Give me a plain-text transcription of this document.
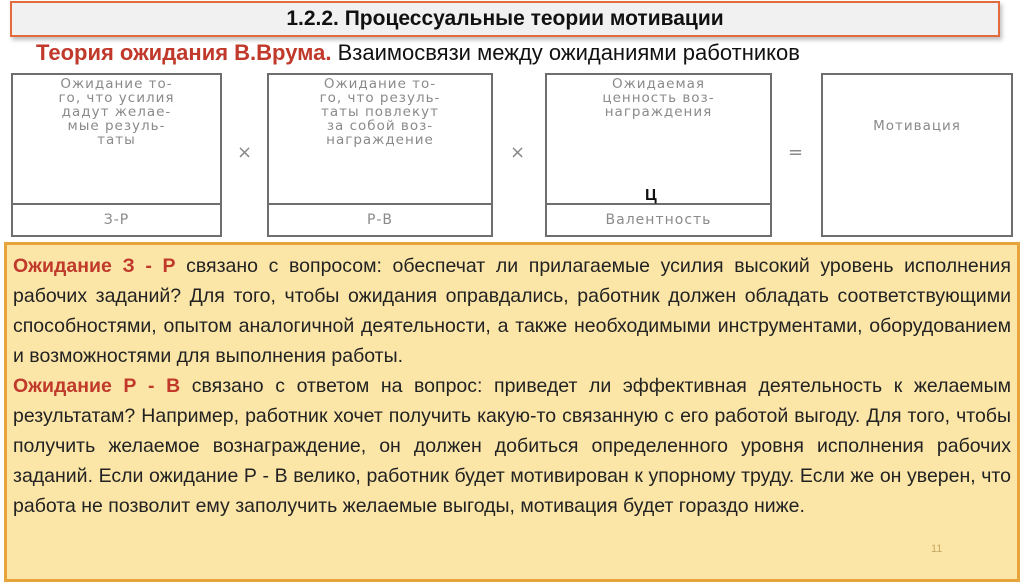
1.2.2. Процессуальные теории мотивации
Теория ожидания В.Врума. Взаимосвязи между ожиданиями работников
Ожидание то-
го, что усилия
дадут желае-
мые резуль-
таты
З-Р
×
Ожидание то-
го, что резуль-
таты повлекут
за собой воз-
награждение
Р-В
×
Ожидаемая
ценность воз-
награждения
Валентность
=

Мотивация
Ц

Ожидание З - Р связано с вопросом: обеспечат ли прилагаемые усилия высокий уровень исполнения рабочих заданий? Для того, чтобы ожидания оправдались, работник должен обладать соответствующими способностями, опытом аналогичной деятельности, а также необходимыми инструментами, оборудованием и возможностями для выполнения работы.

Ожидание Р - В связано с ответом на вопрос: приведет ли эффективная деятельность к желаемым результатам? Например, работник хочет получить какую-то связанную с его работой выгоду. Для того, чтобы получить желаемое вознаграждение, он должен добиться определенного уровня исполнения рабочих заданий. Если ожидание Р - В велико, работник будет мотивирован к упорному труду. Если же он уверен, что работа не позволит ему заполучить желаемые выгоды, мотивация будет гораздо ниже.

11
